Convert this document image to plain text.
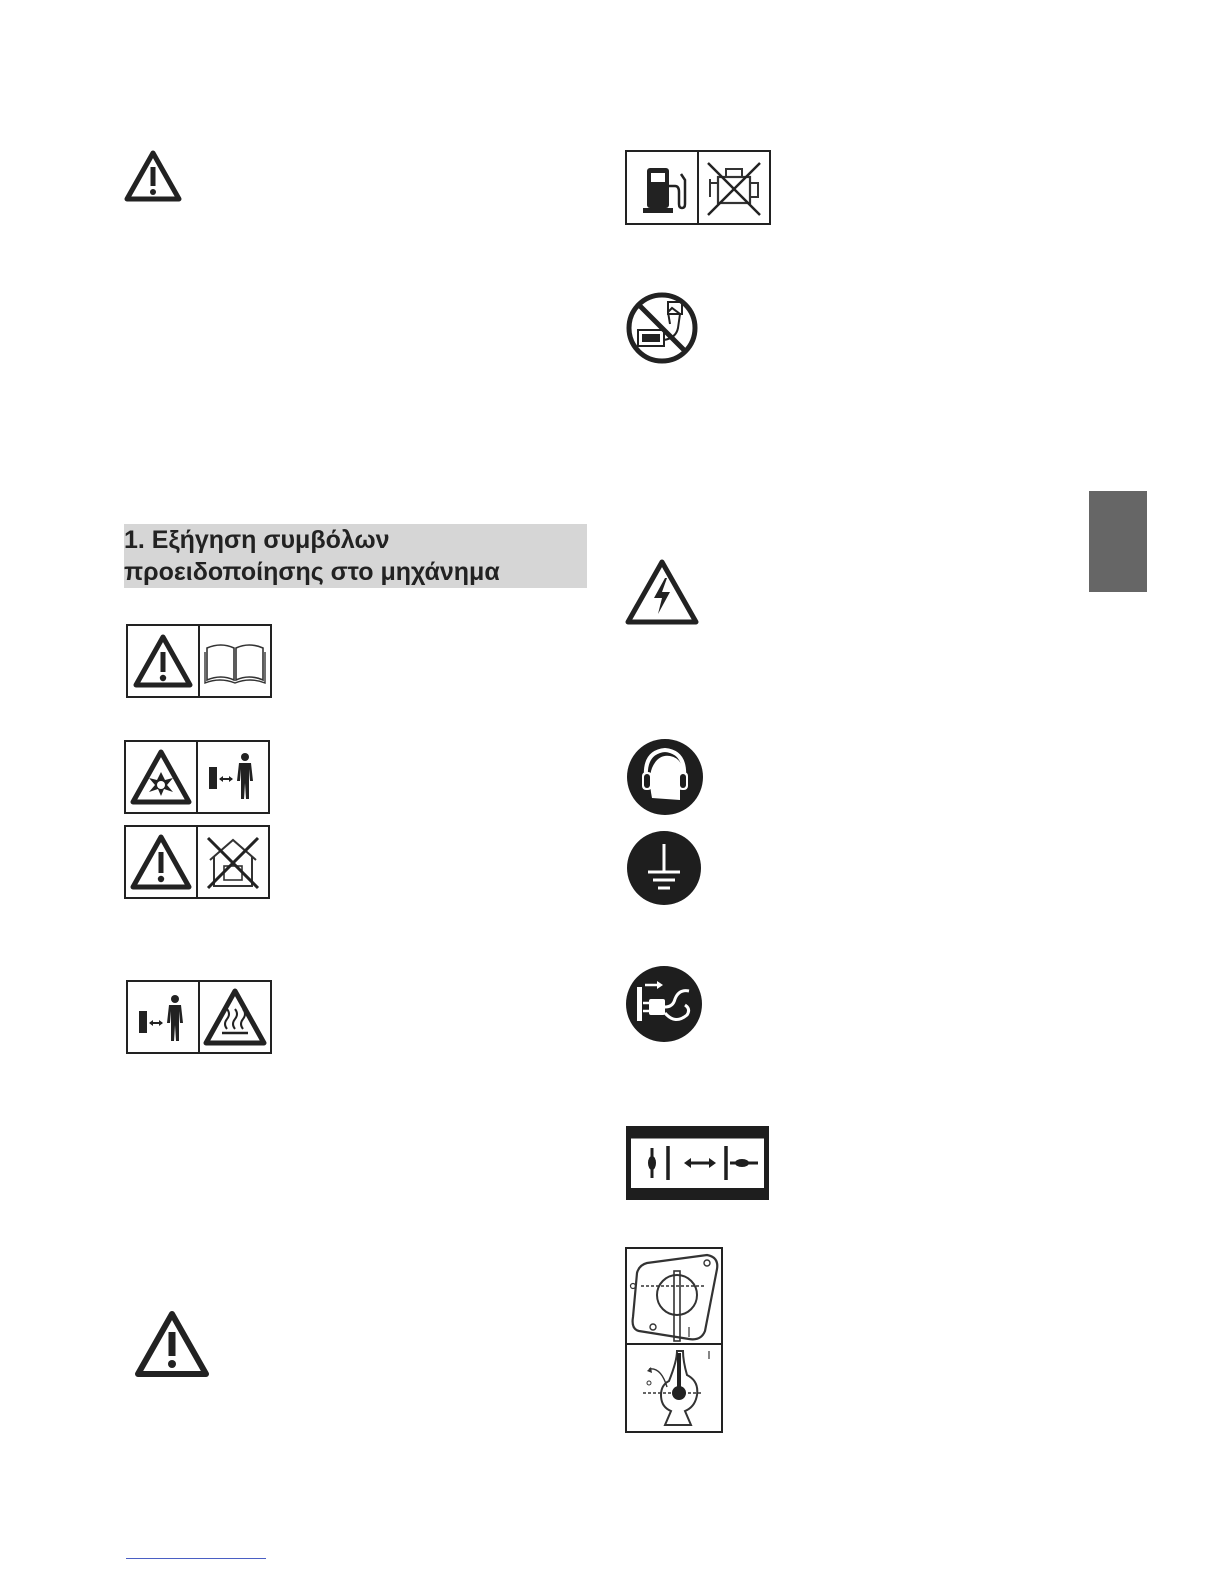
1. Εξήγηση συμβόλων
προειδοποίησης στο μηχάνημα
